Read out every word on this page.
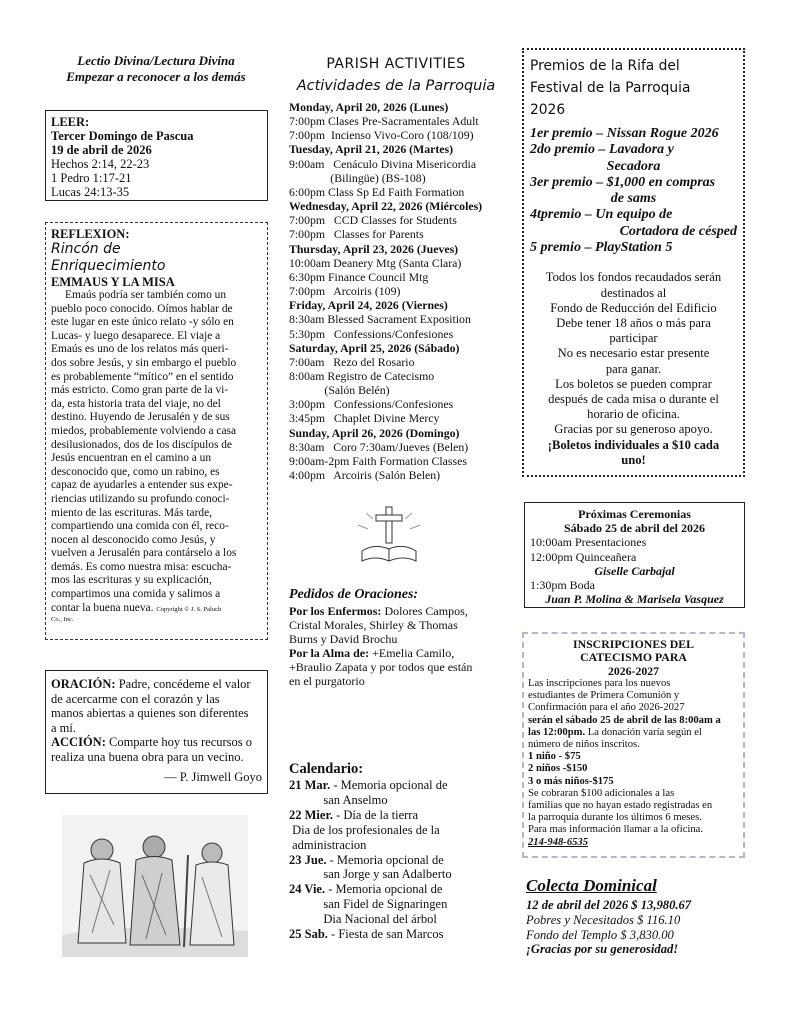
Lectio Divina/Lectura Divina
Empezar a reconocer a los demás
LEER:
Tercer Domingo de Pascua
19 de abril de 2026
Hechos 2:14, 22-23
1 Pedro 1:17-21
Lucas 24:13-35
REFLEXION:
Rincón de
Enriquecimiento
EMMAUS Y LA MISA
Emaús podría ser también como un
pueblo poco conocido. Oímos hablar de
este lugar en este único relato -y sólo en
Lucas- y luego desaparece. El viaje a
Emaús es uno de los relatos más queri-
dos sobre Jesús, y sin embargo el pueblo
es probablemente “mítico” en el sentido
más estricto. Como gran parte de la vi-
da, esta historia trata del viaje, no del
destino. Huyendo de Jerusalén y de sus
miedos, probablemente volviendo a casa
desilusionados, dos de los discípulos de
Jesús encuentran en el camino a un
desconocido que, como un rabino, es
capaz de ayudarles a entender sus expe-
riencias utilizando su profundo conoci-
miento de las escrituras. Más tarde,
compartiendo una comida con él, reco-
nocen al desconocido como Jesús, y
vuelven a Jerusalén para contárselo a los
demás. Es como nuestra misa: escucha-
mos las escrituras y su explicación,
compartimos una comida y salimos a
contar la buena nueva. Copyright © J. S. Paluch
Co., Inc.
ORACIÓN: Padre, concédeme el valor
de acercarme con el corazón y las
manos abiertas a quienes son diferentes
a mí.
ACCIÓN: Comparte hoy tus recursos o
realiza una buena obra para un vecino.
— P. Jimwell Goyo
PARISH ACTIVITIES
Actividades de la Parroquia
Monday, April 20, 2026 (Lunes)
7:00pm Clases Pre-Sacramentales Adult
7:00pm  Incienso Vivo-Coro (108/109)
Tuesday, April 21, 2026 (Martes)
9:00am   Cenáculo Divina Misericordia
(Bilingüe) (BS-108)
6:00pm Class Sp Ed Faith Formation
Wednesday, April 22, 2026 (Miércoles)
7:00pm   CCD Classes for Students
7:00pm   Classes for Parents
Thursday, April 23, 2026 (Jueves)
10:00am Deanery Mtg (Santa Clara)
6:30pm Finance Council Mtg
7:00pm   Arcoiris (109)
Friday, April 24, 2026 (Viernes)
8:30am Blessed Sacrament Exposition
5:30pm   Confessions/Confesiones
Saturday, April 25, 2026 (Sábado)
7:00am   Rezo del Rosario
8:00am Registro de Catecismo
(Salón Belén)
3:00pm   Confessions/Confesiones
3:45pm   Chaplet Divine Mercy
Sunday, April 26, 2026 (Domingo)
8:30am   Coro 7:30am/Jueves (Belen)
9:00am-2pm Faith Formation Classes
4:00pm   Arcoiris (Salón Belen)
Pedidos de Oraciones:
Por los Enfermos: Dolores Campos,
Cristal Morales, Shirley & Thomas
Burns y David Brochu
Por la Alma de: +Emelia Camilo,
+Braulio Zapata y por todos que están
en el purgatorio
Calendario:
21 Mar. - Memoria opcional de
san Anselmo
22 Mier. - Día de la tierra
Dia de los profesionales de la
administracion
23 Jue. - Memoria opcional de
san Jorge y san Adalberto
24 Vie. - Memoria opcional de
san Fidel de Signaringen
Dia Nacional del árbol
25 Sab. - Fiesta de san Marcos
Premios de la Rifa del
Festival de la Parroquia
2026
1er premio – Nissan Rogue 2026
2do premio – Lavadora y
Secadora
3er premio – $1,000 en compras
de sams
4tpremio – Un equipo de
Cortadora de césped
5 premio – PlayStation 5
Todos los fondos recaudados serán
destinados al
Fondo de Reducción del Edificio
Debe tener 18 años o más para
participar
No es necesario estar presente
para ganar.
Los boletos se pueden comprar
después de cada misa o durante el
horario de oficina.
Gracias por su generoso apoyo.
¡Boletos individuales a $10 cada
uno!
Próximas Ceremonias
Sábado 25 de abril del 2026
10:00am Presentaciones
12:00pm Quinceañera
Giselle Carbajal
1:30pm Boda
Juan P. Molina & Marisela Vasquez
INSCRIPCIONES DEL
CATECISMO PARA
2026-2027
Las inscripciones para los nuevos
estudiantes de Primera Comunión y
Confirmación para el año 2026-2027
serán el sábado 25 de abril de las 8:00am a
las 12:00pm. La donación varía según el
número de niños inscritos.
1 niño - $75
2 niños -$150
3 o más niños-$175
Se cobraran $100 adicionales a las
familias que no hayan estado registradas en
la parroquia durante los últimos 6 meses.
Para mas información llamar a la oficina.
214-948-6535
Colecta Dominical
12 de abril del 2026 $ 13,980.67
Pobres y Necesitados $ 116.10
Fondo del Templo $ 3,830.00
¡Gracias por su generosidad!
